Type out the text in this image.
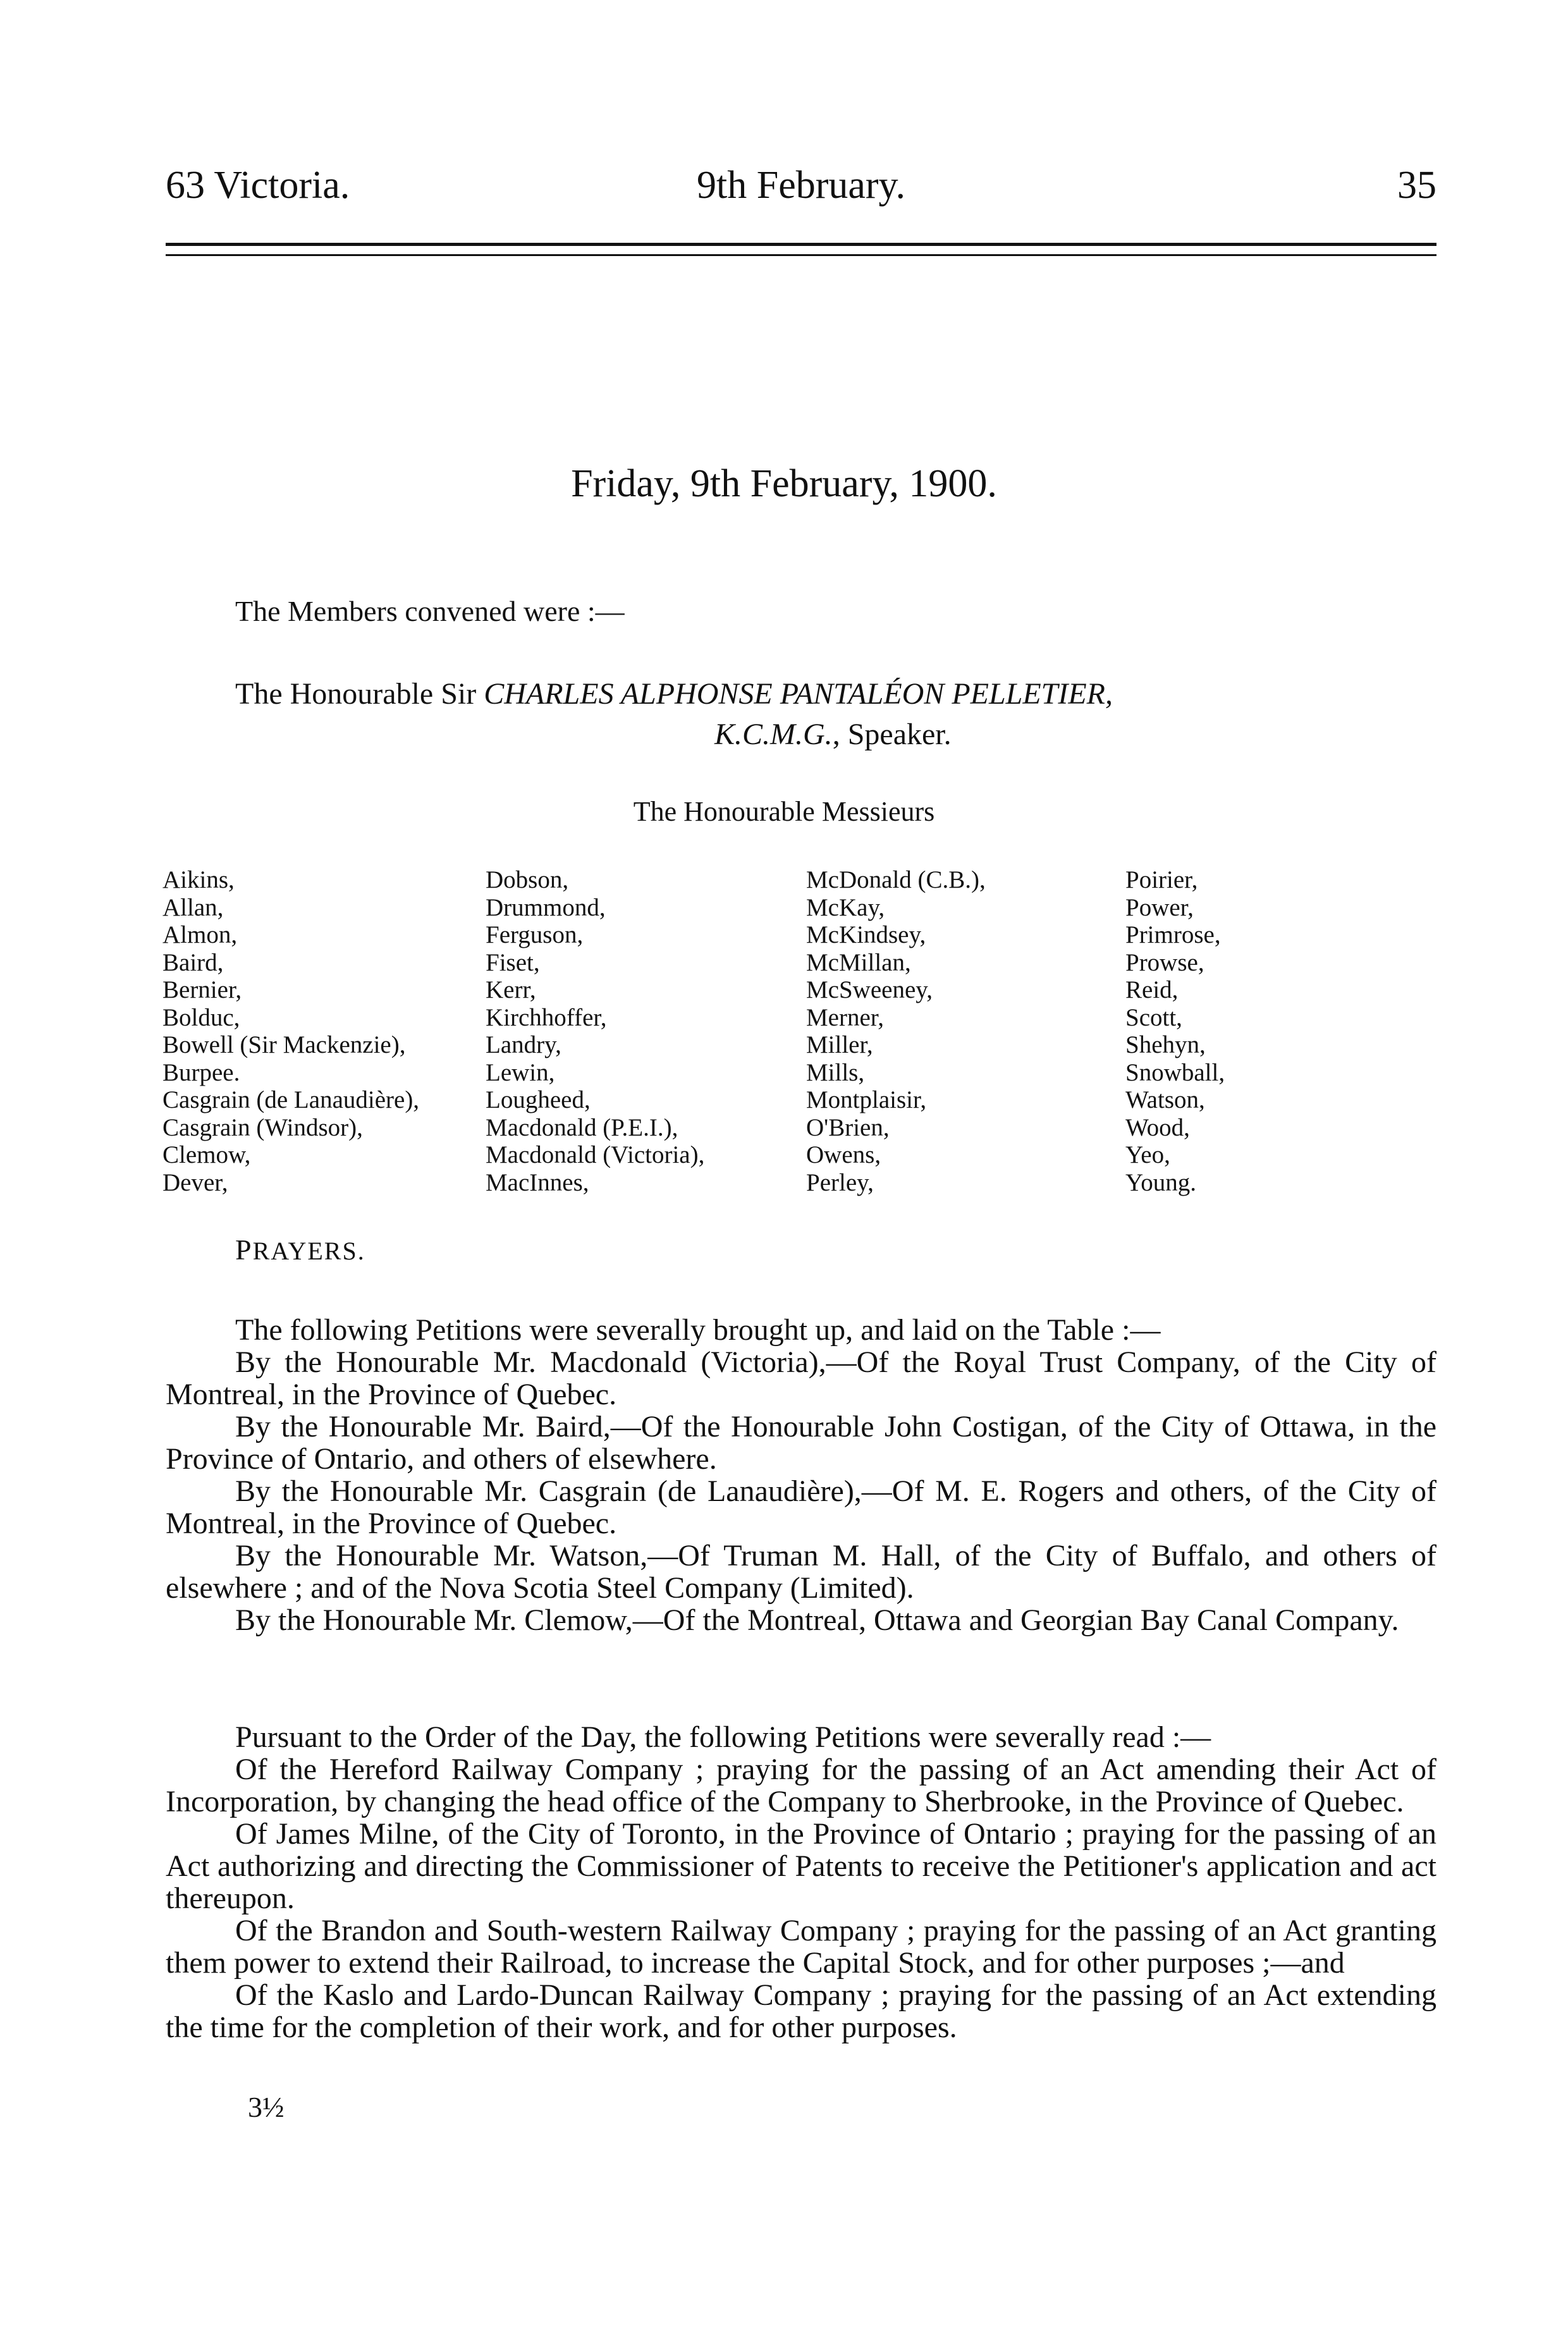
63 Victoria.	9th February.	35
Friday, 9th February, 1900.
The Members convened were :—
The Honourable Sir CHARLES ALPHONSE PANTALÉON PELLETIER,
K.C.M.G., Speaker.
The Honourable Messieurs
Aikins,
Allan,
Almon,
Baird,
Bernier,
Bolduc,
Bowell (Sir Mackenzie),
Burpee.
Casgrain (de Lanaudière),
Casgrain (Windsor),
Clemow,
Dever,
Dobson,
Drummond,
Ferguson,
Fiset,
Kerr,
Kirchhoffer,
Landry,
Lewin,
Lougheed,
Macdonald (P.E.I.),
Macdonald (Victoria),
MacInnes,
McDonald (C.B.),
McKay,
McKindsey,
McMillan,
McSweeney,
Merner,
Miller,
Mills,
Montplaisir,
O'Brien,
Owens,
Perley,
Poirier,
Power,
Primrose,
Prowse,
Reid,
Scott,
Shehyn,
Snowball,
Watson,
Wood,
Yeo,
Young.
PRAYERS.

The following Petitions were severally brought up, and laid on the Table :—

By the Honourable Mr. Macdonald (Victoria),—Of the Royal Trust Company, of the City of Montreal, in the Province of Quebec.

By the Honourable Mr. Baird,—Of the Honourable John Costigan, of the City of Ottawa, in the Province of Ontario, and others of elsewhere.

By the Honourable Mr. Casgrain (de Lanaudière),—Of M. E. Rogers and others, of the City of Montreal, in the Province of Quebec.

By the Honourable Mr. Watson,—Of Truman M. Hall, of the City of Buffalo, and others of elsewhere ; and of the Nova Scotia Steel Company (Limited).

By the Honourable Mr. Clemow,—Of the Montreal, Ottawa and Georgian Bay Canal Company.

Pursuant to the Order of the Day, the following Petitions were severally read :—

Of the Hereford Railway Company ; praying for the passing of an Act amending their Act of Incorporation, by changing the head office of the Company to Sherbrooke, in the Province of Quebec.

Of James Milne, of the City of Toronto, in the Province of Ontario ; praying for the passing of an Act authorizing and directing the Commissioner of Patents to receive the Petitioner's application and act thereupon.

Of the Brandon and South-western Railway Company ; praying for the passing of an Act granting them power to extend their Railroad, to increase the Capital Stock, and for other purposes ;—and

Of the Kaslo and Lardo-Duncan Railway Company ; praying for the passing of an Act extending the time for the completion of their work, and for other purposes.

3½
